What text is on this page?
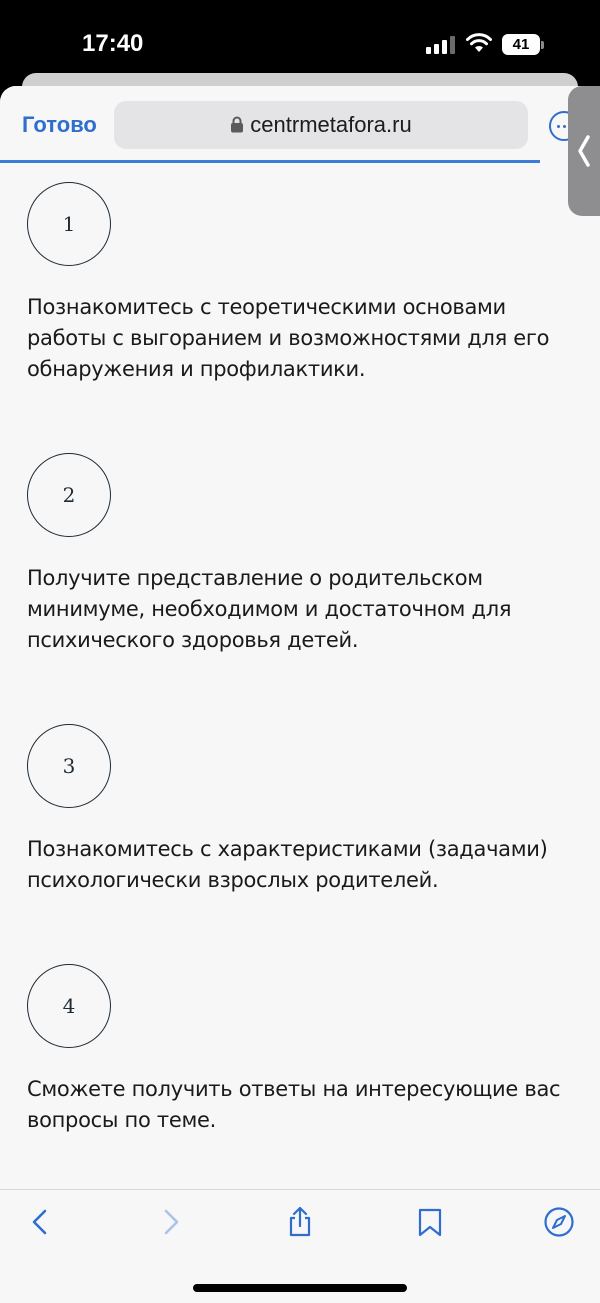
17:40	41
Готово	centrmetafora.ru
1
Познакомитесь с теоретическими основами работы с выгоранием и возможностями для его обнаружения и профилактики.
2
Получите представление о родительском минимуме, необходимом и достаточном для психического здоровья детей.
3
Познакомитесь с характеристиками (задачами) психологически взрослых родителей.
4
Сможете получить ответы на интересующие вас вопросы по теме.
